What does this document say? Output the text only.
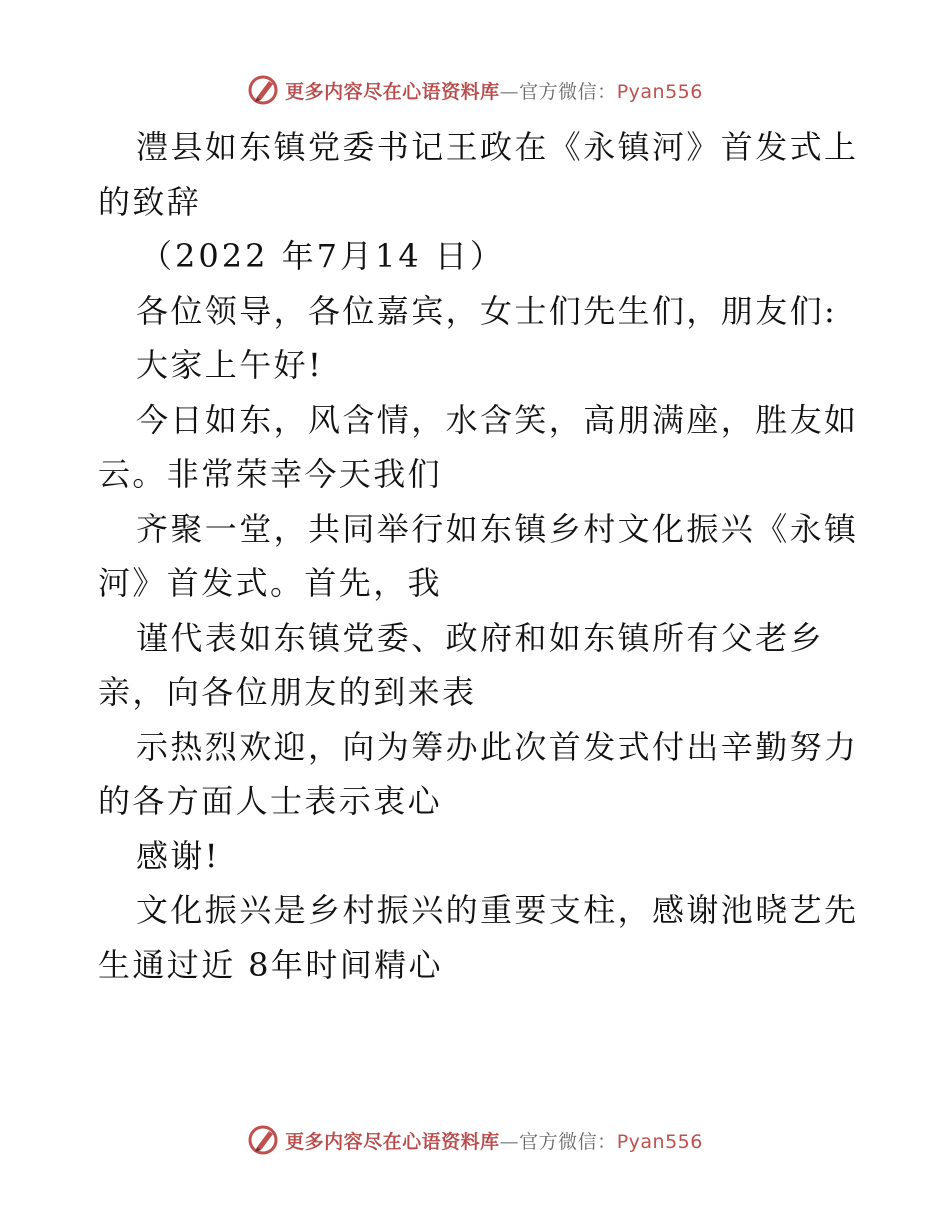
更多内容尽在心语资料库—官方微信：Pyan556
澧县如东镇党委书记王政在《永镇河》首发式上
的致辞
（2022 年7月14 日）
各位领导，各位嘉宾，女士们先生们，朋友们:
大家上午好!
今日如东，风含情，水含笑，高朋满座，胜友如
云。非常荣幸今天我们
齐聚一堂，共同举行如东镇乡村文化振兴《永镇
河》首发式。首先，我
谨代表如东镇党委、政府和如东镇所有父老乡
亲，向各位朋友的到来表
示热烈欢迎，向为筹办此次首发式付出辛勤努力
的各方面人士表示衷心
感谢!
文化振兴是乡村振兴的重要支柱，感谢池晓艺先
生通过近 8年时间精心
更多内容尽在心语资料库—官方微信：Pyan556
